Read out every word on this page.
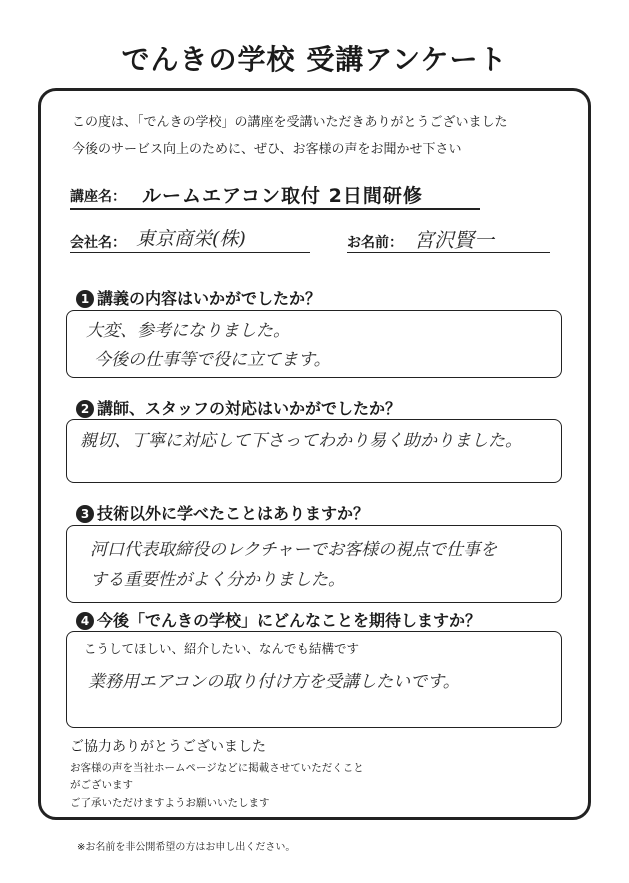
でんきの学校 受講アンケート
この度は、「でんきの学校」の講座を受講いただきありがとうございました
今後のサービス向上のために、ぜひ、お客様の声をお聞かせ下さい
講座名： ルームエアコン取付 2日間研修
会社名： 東京商栄(株)	お名前： 宮沢賢一
1 講義の内容はいかがでしたか？
大変、参考になりました。
今後の仕事等で役に立てます。
2 講師、スタッフの対応はいかがでしたか？
親切、丁寧に対応して下さってわかり易く助かりました。
3 技術以外に学べたことはありますか？
河口代表取締役のレクチャーでお客様の視点で仕事を
する重要性がよく分かりました。
4 今後「でんきの学校」にどんなことを期待しますか？
こうしてほしい、紹介したい、なんでも結構です
業務用エアコンの取り付け方を受講したいです。
ご協力ありがとうございました
お客様の声を当社ホームページなどに掲載させていただくこと
がございます
ご了承いただけますようお願いいたします
※お名前を非公開希望の方はお申し出ください。
